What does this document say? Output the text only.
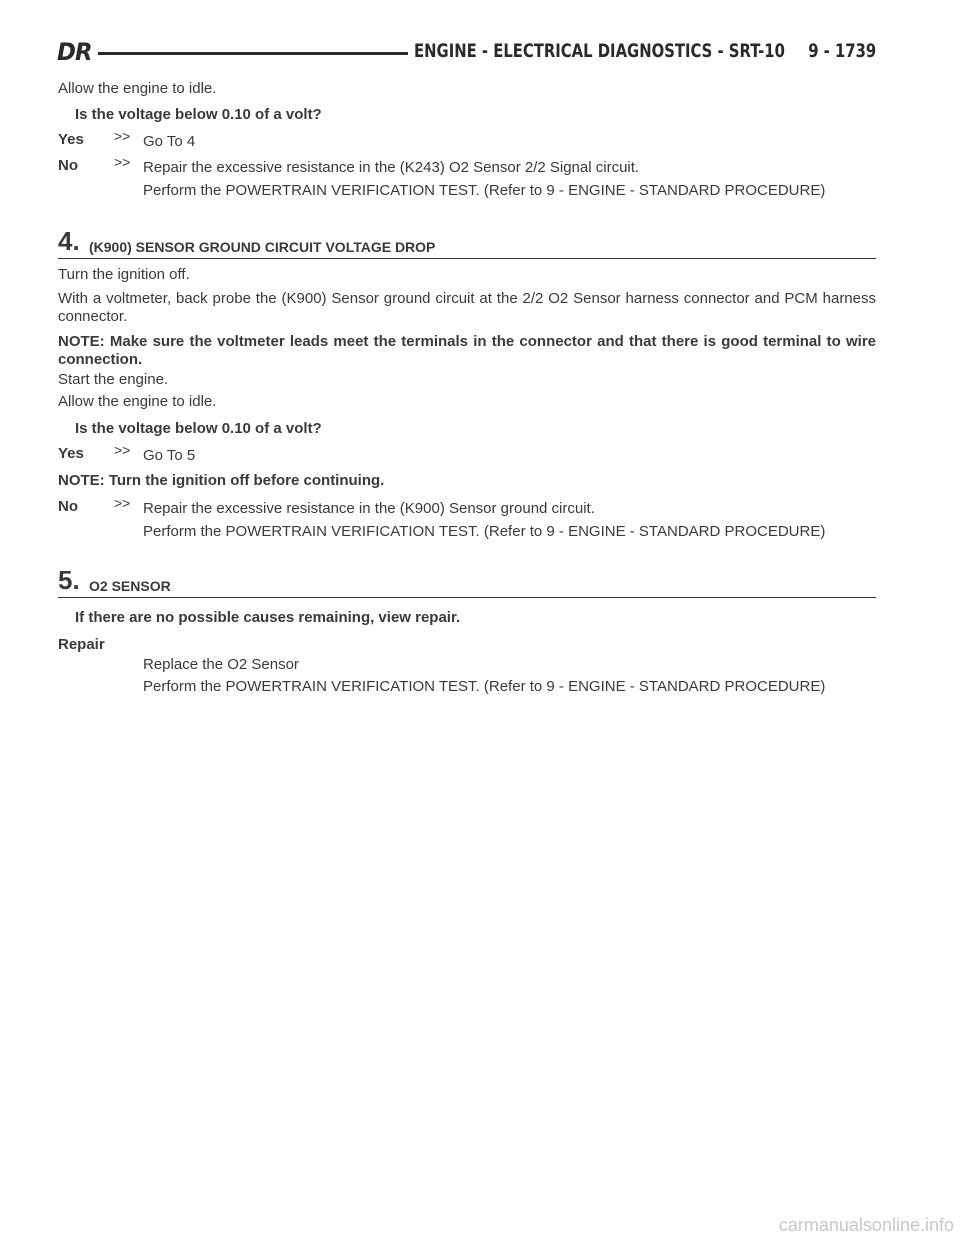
DR	ENGINE - ELECTRICAL DIAGNOSTICS - SRT-10 9 - 1739
Allow the engine to idle.
Is the voltage below 0.10 of a volt?
Yes >> Go To 4
No	>> Repair the excessive resistance in the (K243) O2 Sensor 2/2 Signal circuit.
Perform the POWERTRAIN VERIFICATION TEST. (Refer to 9 - ENGINE - STANDARD PROCEDURE)
4. (K900) SENSOR GROUND CIRCUIT VOLTAGE DROP
Turn the ignition off.
With a voltmeter, back probe the (K900) Sensor ground circuit at the 2/2 O2 Sensor harness connector and PCM harness connector.
NOTE: Make sure the voltmeter leads meet the terminals in the connector and that there is good terminal to wire connection.
Start the engine.
Allow the engine to idle.
Is the voltage below 0.10 of a volt?
Yes >> Go To 5
NOTE: Turn the ignition off before continuing.
No	>> Repair the excessive resistance in the (K900) Sensor ground circuit.
Perform the POWERTRAIN VERIFICATION TEST. (Refer to 9 - ENGINE - STANDARD PROCEDURE)
5. O2 SENSOR
If there are no possible causes remaining, view repair.
Repair
Replace the O2 Sensor
Perform the POWERTRAIN VERIFICATION TEST. (Refer to 9 - ENGINE - STANDARD PROCEDURE)
carmanualsonline.info
